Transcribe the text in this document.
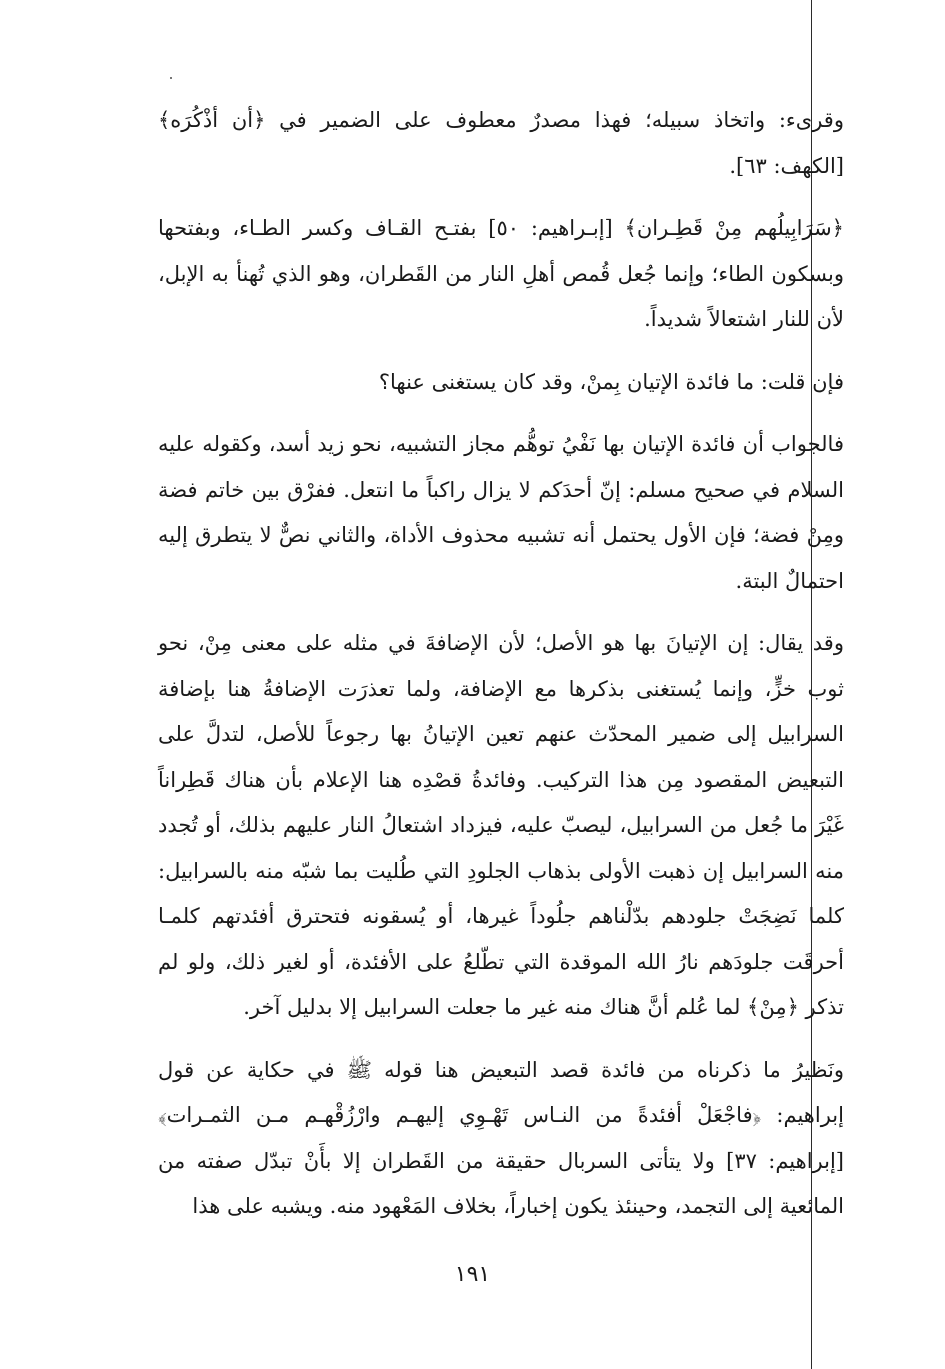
وقرىء: واتخاذ سبيله؛ فهذا مصدرٌ معطوف على الضمير في ﴿أن أذْكُرَه﴾ [الكهف: ٦٣].

﴿سَرَابِيلُهم مِنْ قَطِـران﴾ [إبـراهيم: ٥٠] بفتـح القـاف وكسر الطـاء، وبفتحها وبسكون الطاء؛ وإنما جُعل قُمص أهلِ النار من القَطران، وهو الذي تُهنأ به الإبل، لأن للنار اشتعالاً شديداً.

فإن قلت: ما فائدة الإتيان بِمنْ، وقد كان يستغنى عنها؟

فالجواب أن فائدة الإتيان بها نَفْيُ توهُّم مجاز التشبيه، نحو زيد أسد، وكقوله عليه السلام في صحيح مسلم: إنّ أحدَكم لا يزال راكباً ما انتعل. ففرْق بين خاتم فضة ومِنْ فضة؛ فإن الأول يحتمل أنه تشبيه محذوف الأداة، والثاني نصٌّ لا يتطرق إليه احتمالٌ البتة.

وقد يقال: إن الإتيانَ بها هو الأصل؛ لأن الإضافةَ في مثله على معنى مِنْ، نحو ثوب خزٍّ، وإنما يُستغنى بذكرها مع الإضافة، ولما تعذرَت الإضافةُ هنا بإضافة السرابيل إلى ضمير المحدّث عنهم تعين الإتيانُ بها رجوعاً للأصل، لتدلَّ على التبعيض المقصود مِن هذا التركيب. وفائدةُ قصْدِه هنا الإعلام بأن هناك قَطِراناً غَيْرَ ما جُعل من السرابيل، ليصبّ عليه، فيزداد اشتعالُ النار عليهم بذلك، أو تُجدد منه السرابيل إن ذهبت الأولى بذهاب الجلودِ التي طُليت بما شبّه منه بالسرابيل: كلما نَضِجَتْ جلودهم بدّلْناهم جلُوداً غيرها، أو يُسقونه فتحترق أفئدتهم كلمـا أحرقَت جلودَهم نارُ الله الموقدة التي تطّلعُ على الأفئدة، أو لغير ذلك، ولو لم تذكر ﴿مِنْ﴾ لما عُلم أنَّ هناك منه غير ما جعلت السرابيل إلا بدليل آخر.

ونَظيرُ ما ذكرناه من فائدة قصد التبعيض هنا قوله ﷺ في حكاية عن قول إبراهيم: ﴿فاجْعَلْ أفئدةً من النـاس تَهْـوِي إليهـم وارْزُقْهـم مـن الثمـرات﴾ [إبراهيم: ٣٧] ولا يتأتى السربال حقيقة من القَطران إلا بأَنْ تبدّل صفته من المائعية إلى التجمد، وحينئذ يكون إخباراً، بخلاف المَعْهود منه. ويشبه على هذا

١٩١
